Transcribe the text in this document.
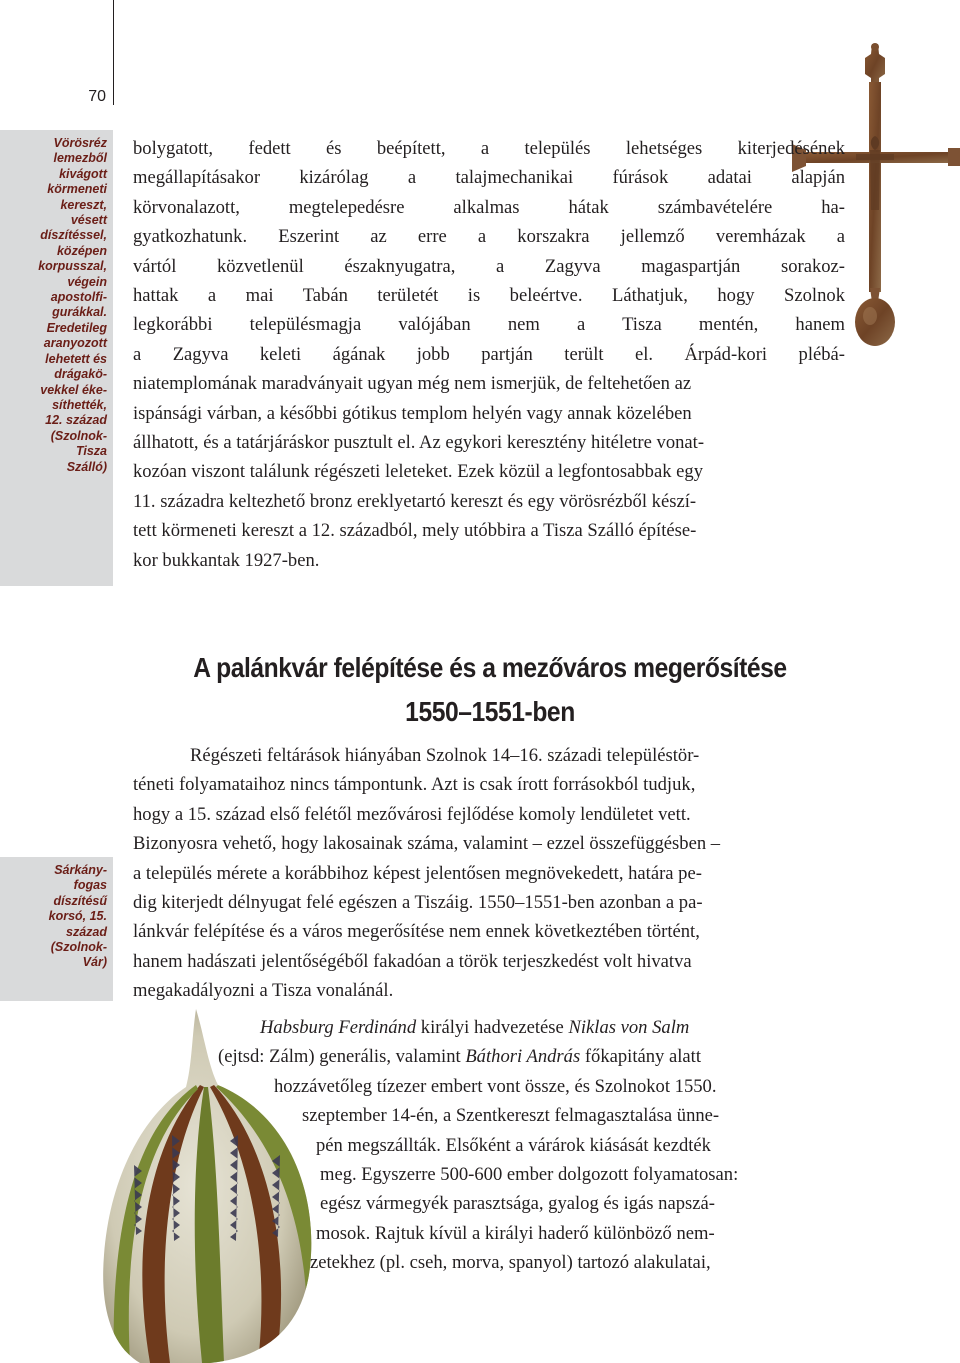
70
Vörösréz
lemezből
kivágott
körmeneti
kereszt,
vésett
díszítéssel,
középen
korpusszal,
végein
apostolfi-
gurákkal.
Eredetileg
aranyozott
lehetett és
drágakö-
vekkel éke-
síthették,
12. század
(Szolnok-
Tisza
Szálló)
Sárkány-
fogas
díszítésű
korsó, 15.
század
(Szolnok-
Vár)
bolygatott, fedett és beépített, a település lehetséges kiterjedésének
megállapításakor kizárólag a talajmechanikai fúrások adatai alapján
körvonalazott, megtelepedésre alkalmas hátak számbavételére ha-
gyatkozhatunk. Eszerint az erre a korszakra jellemző veremházak a
vártól közvetlenül északnyugatra, a Zagyva magaspartján sorakoz-
hattak a mai Tabán területét is beleértve. Láthatjuk, hogy Szolnok
legkorábbi településmagja valójában nem a Tisza mentén, hanem
a Zagyva keleti ágának jobb partján terült el. Árpád-kori plébá-
niatemplomának maradványait ugyan még nem ismerjük, de feltehetően az
ispánsági várban, a későbbi gótikus templom helyén vagy annak közelében
állhatott, és a tatárjáráskor pusztult el. Az egykori keresztény hitéletre vonat-
kozóan viszont találunk régészeti leleteket. Ezek közül a legfontosabbak egy
11. századra keltezhető bronz ereklyetartó kereszt és egy vörösrézből készí-
tett körmeneti kereszt a 12. századból, mely utóbbira a Tisza Szálló építése-
kor bukkantak 1927-ben.
A palánkvár felépítése és a mezőváros megerősítése
1550–1551-ben
Régészeti feltárások hiányában Szolnok 14–16. századi településtör-
téneti folyamataihoz nincs támpontunk. Azt is csak írott forrásokból tudjuk,
hogy a 15. század első felétől mezővárosi fejlődése komoly lendületet vett.
Bizonyosra vehető, hogy lakosainak száma, valamint – ezzel összefüggésben –
a település mérete a korábbihoz képest jelentősen megnövekedett, határa pe-
dig kiterjedt délnyugat felé egészen a Tiszáig. 1550–1551-ben azonban a pa-
lánkvár felépítése és a város megerősítése nem ennek következtében történt,
hanem hadászati jelentőségéből fakadóan a török terjeszkedést volt hivatva
megakadályozni a Tisza vonalánál.
Habsburg Ferdinánd királyi hadvezetése Niklas von Salm
(ejtsd: Zálm) generális, valamint Báthori András főkapitány alatt
hozzávetőleg tízezer embert vont össze, és Szolnokot 1550.
szeptember 14-én, a Szentkereszt felmagasztalása ünne-
pén megszállták. Elsőként a várárok kiásását kezdték
meg. Egyszerre 500-600 ember dolgozott folyamatosan:
egész vármegyék parasztsága, gyalog és igás napszá-
mosok. Rajtuk kívül a királyi haderő különböző nem-
zetekhez (pl. cseh, morva, spanyol) tartozó alakulatai,
